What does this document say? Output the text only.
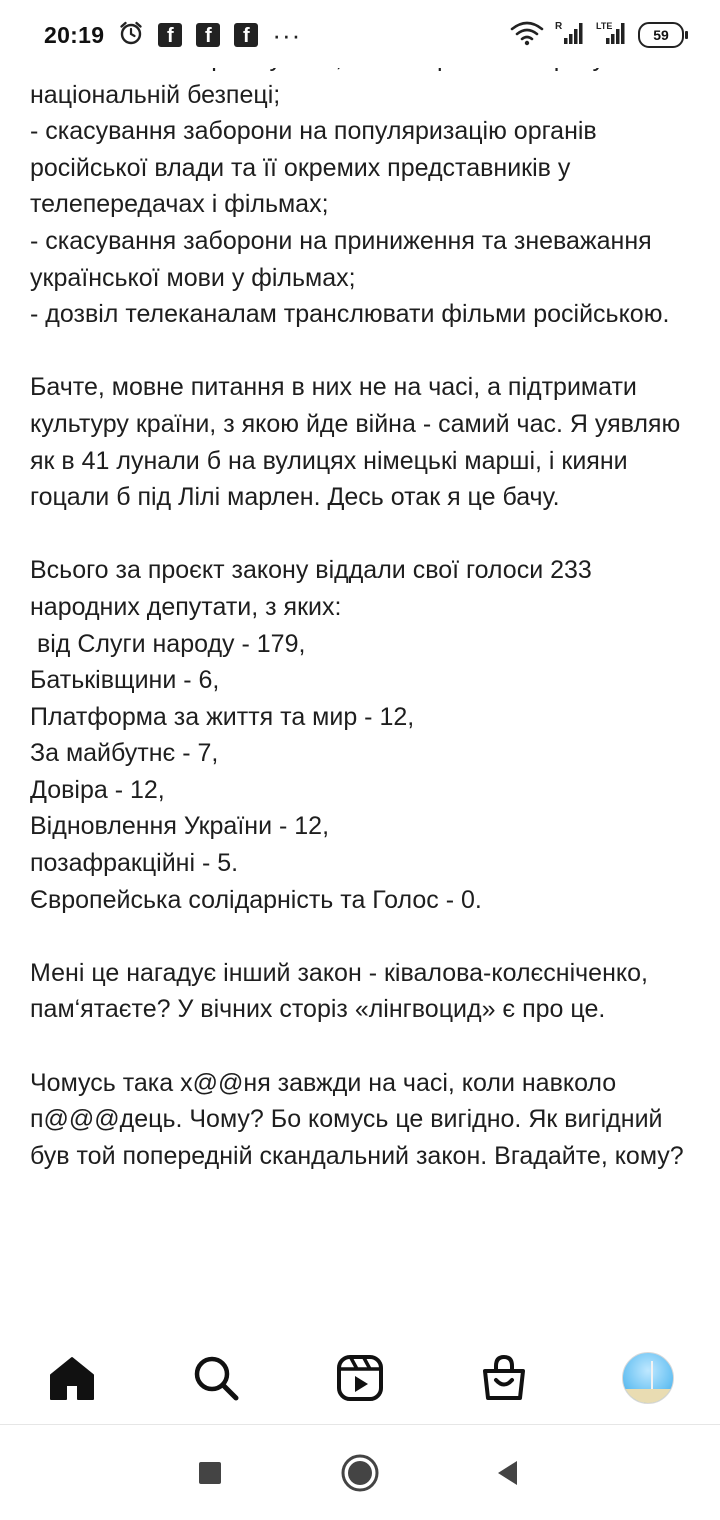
20:19	f	f	f ···	R	LTE
59

національній безпеці;
- скасування заборони на популяризацію органів російської влади та її окремих представників у телепередачах і фільмах;
- скасування заборони на приниження та зневажання української мови у фільмах;
- дозвіл телеканалам транслювати фільми російською.

Бачте, мовне питання в них не на часі, а підтримати культуру країни, з якою йде війна - самий час. Я уявляю як в 41 лунали б на вулицях німецькі марші, і кияни гоцали б під Лілі марлен. Десь отак я це бачу.

Всього за проєкт закону віддали свої голоси 233 народних депутати, з яких:
від Слуги народу - 179,
Батьківщини - 6,
Платформа за життя та мир - 12,
За майбутнє - 7,
Довіра - 12,
Відновлення України - 12,
позафракційні - 5.
Європейська солідарність та Голос - 0.

Мені це нагадує інший закон - ківалова-колєсніченко, пам‘ятаєте? У вічних сторіз «лінгвоцид» є про це.

Чомусь така х@@ня завжди на часі, коли навколо п@@@дець. Чому? Бо комусь це вигідно. Як вигідний був той попередній скандальний закон. Вгадайте, кому?
